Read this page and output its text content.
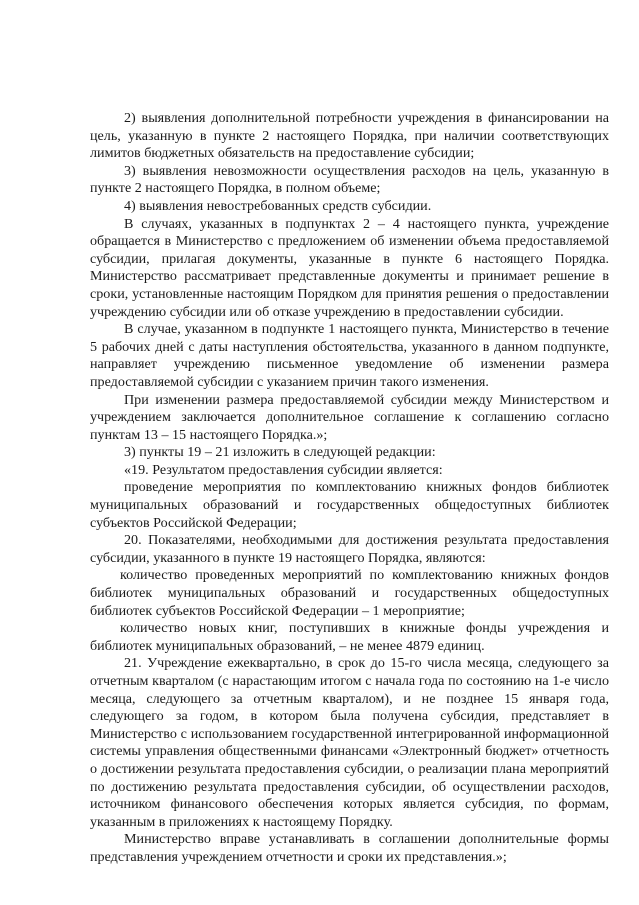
2) выявления дополнительной потребности учреждения в финансировании на цель, указанную в пункте 2 настоящего Порядка, при наличии соответствующих лимитов бюджетных обязательств на предоставление субсидии;

3) выявления невозможности осуществления расходов на цель, указанную в пункте 2 настоящего Порядка, в полном объеме;

4) выявления невостребованных средств субсидии.

В случаях, указанных в подпунктах 2 – 4 настоящего пункта, учреждение обращается в Министерство с предложением об изменении объема предоставляемой субсидии, прилагая документы, указанные в пункте 6 настоящего Порядка. Министерство рассматривает представленные документы и принимает решение в сроки, установленные настоящим Порядком для принятия решения о предоставлении учреждению субсидии или об отказе учреждению в предоставлении субсидии.

В случае, указанном в подпункте 1 настоящего пункта, Министерство в течение 5 рабочих дней с даты наступления обстоятельства, указанного в данном подпункте, направляет учреждению письменное уведомление об изменении размера предоставляемой субсидии с указанием причин такого изменения.

При изменении размера предоставляемой субсидии между Министерством и учреждением заключается дополнительное соглашение к соглашению согласно пунктам 13 – 15 настоящего Порядка.»;

3) пункты 19 – 21 изложить в следующей редакции:

«19. Результатом предоставления субсидии является:

проведение мероприятия по комплектованию книжных фондов библиотек муниципальных образований и государственных общедоступных библиотек субъектов Российской Федерации;

20. Показателями, необходимыми для достижения результата предоставления субсидии, указанного в пункте 19 настоящего Порядка, являются:

количество проведенных мероприятий по комплектованию книжных фондов библиотек муниципальных образований и государственных общедоступных библиотек субъектов Российской Федерации – 1 мероприятие;

количество новых книг, поступивших в книжные фонды учреждения и библиотек муниципальных образований, – не менее 4879 единиц.

21. Учреждение ежеквартально, в срок до 15-го числа месяца, следующего за отчетным кварталом (с нарастающим итогом с начала года по состоянию на 1-е число месяца, следующего за отчетным кварталом), и не позднее 15 января года, следующего за годом, в котором была получена субсидия, представляет в Министерство с использованием государственной интегрированной информационной системы управления общественными финансами «Электронный бюджет» отчетность о достижении результата предоставления субсидии, о реализации плана мероприятий по достижению результата предоставления субсидии, об осуществлении расходов, источником финансового обеспечения которых является субсидия, по формам, указанным в приложениях к настоящему Порядку.

Министерство вправе устанавливать в соглашении дополнительные формы представления учреждением отчетности и сроки их представления.»;
